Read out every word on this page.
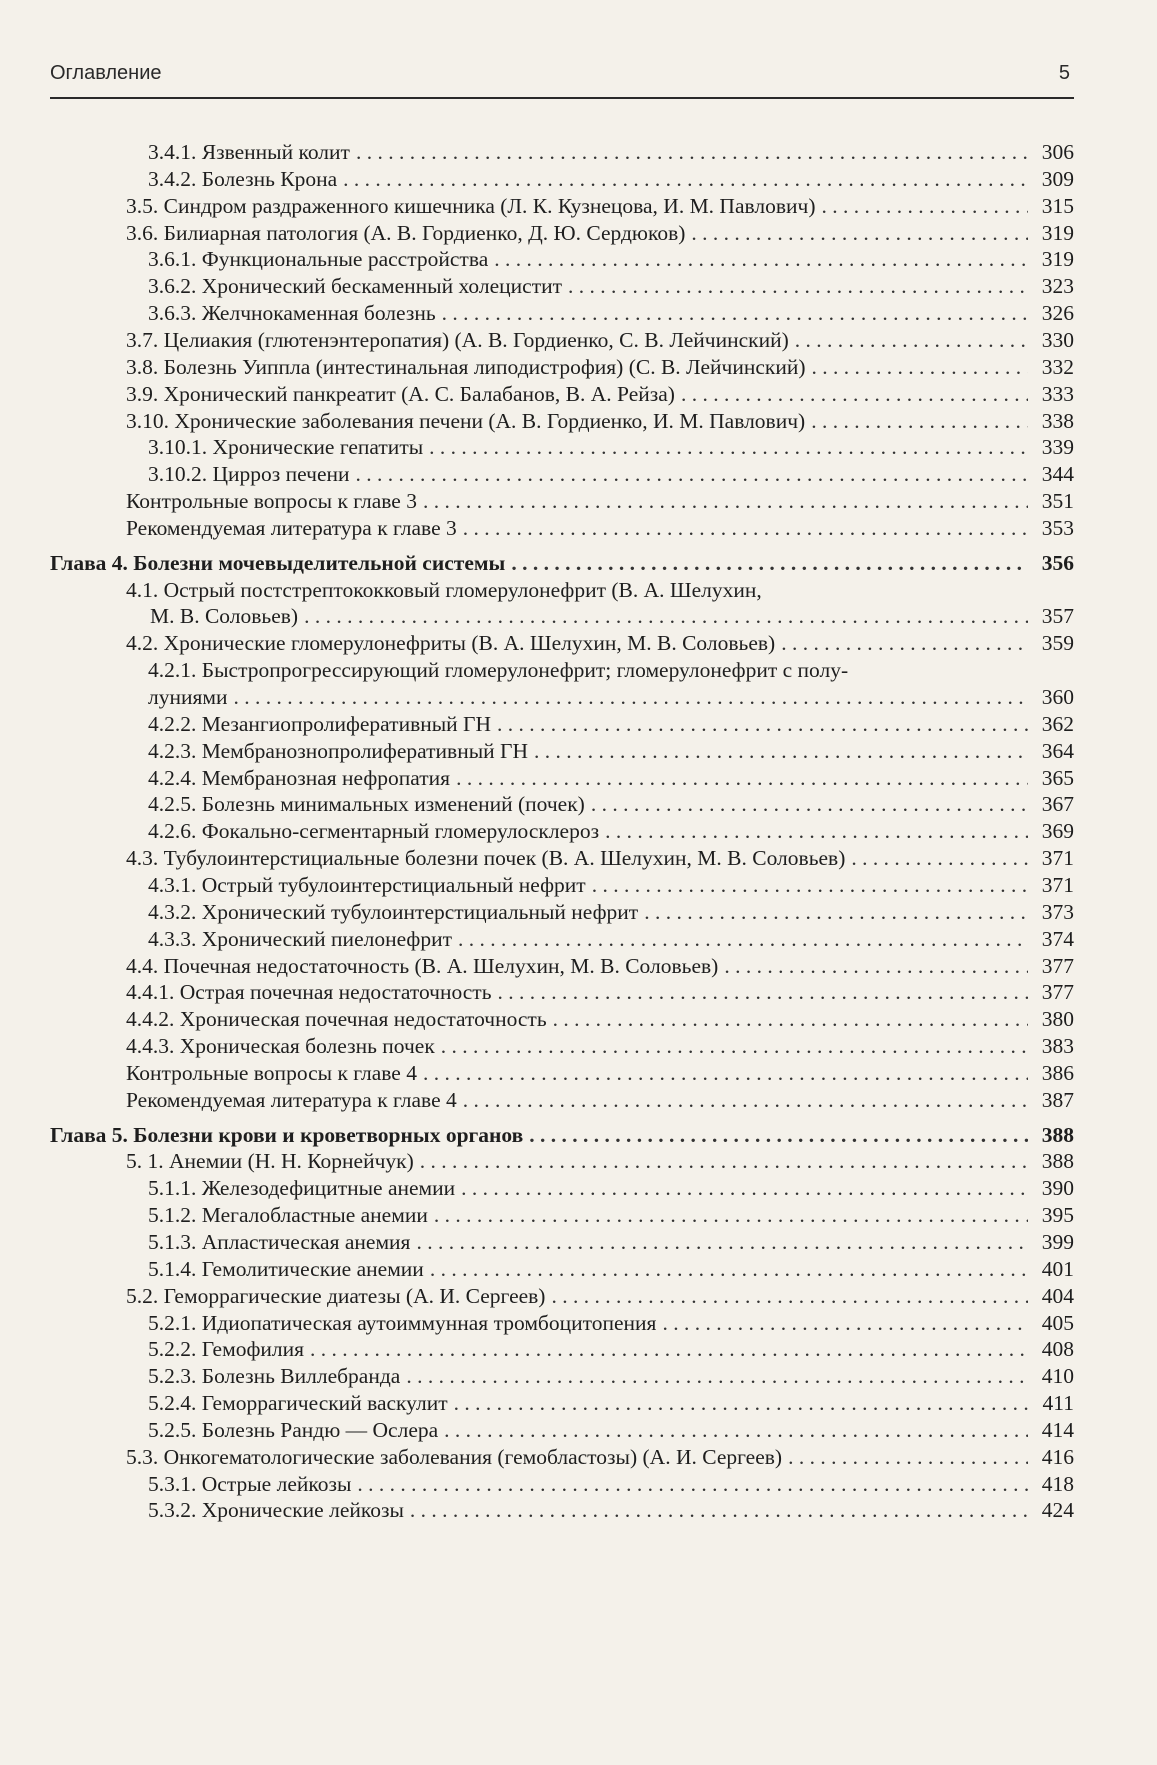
Оглавление	5
3.4.1. Язвенный колит . . .	306
3.4.2. Болезнь Крона . . .	309
3.5. Синдром раздраженного кишечника (Л. К. Кузнецова, И. М. Павлович) . . .	315
3.6. Билиарная патология (А. В. Гордиенко, Д. Ю. Сердюков) . . .	319
3.6.1. Функциональные расстройства . . .	319
3.6.2. Хронический бескаменный холецистит . . .	323
3.6.3. Желчнокаменная болезнь . . .	326
3.7. Целиакия (глютенэнтеропатия) (А. В. Гордиенко, С. В. Лейчинский) . . .	330
3.8. Болезнь Уиппла (интестинальная липодистрофия) (С. В. Лейчинский) . . .	332
3.9. Хронический панкреатит (А. С. Балабанов, В. А. Рейза) . . .	333
3.10. Хронические заболевания печени (А. В. Гордиенко, И. М. Павлович) . . .	338
3.10.1. Хронические гепатиты . . .	339
3.10.2. Цирроз печени . . .	344
Контрольные вопросы к главе 3 . . .	351
Рекомендуемая литература к главе 3 . . .	353
Глава 4. Болезни мочевыделительной системы . . .	356
4.1. Острый постстрептококковый гломерулонефрит (В. А. Шелухин,
М. В. Соловьев) . . .	357
4.2. Хронические гломерулонефриты (В. А. Шелухин, М. В. Соловьев) . . .	359
4.2.1. Быстропрогрессирующий гломерулонефрит; гломерулонефрит с полу-
луниями . . .	360
4.2.2. Мезангиопролиферативный ГН . . .	362
4.2.3. Мембранознопролиферативный ГН . . .	364
4.2.4. Мембранозная нефропатия . . .	365
4.2.5. Болезнь минимальных изменений (почек) . . .	367
4.2.6. Фокально-сегментарный гломерулосклероз . . .	369
4.3. Тубулоинтерстициальные болезни почек (В. А. Шелухин, М. В. Соловьев) . . .	371
4.3.1. Острый тубулоинтерстициальный нефрит . . .	371
4.3.2. Хронический тубулоинтерстициальный нефрит . . .	373
4.3.3. Хронический пиелонефрит . . .	374
4.4. Почечная недостаточность (В. А. Шелухин, М. В. Соловьев) . . .	377
4.4.1. Острая почечная недостаточность . . .	377
4.4.2. Хроническая почечная недостаточность . . .	380
4.4.3. Хроническая болезнь почек . . .	383
Контрольные вопросы к главе 4 . . .	386
Рекомендуемая литература к главе 4 . . .	387
Глава 5. Болезни крови и кроветворных органов . . .	388
5. 1. Анемии (Н. Н. Корнейчук) . . .	388
5.1.1. Железодефицитные анемии . . .	390
5.1.2. Мегалобластные анемии . . .	395
5.1.3. Апластическая анемия . . .	399
5.1.4. Гемолитические анемии . . .	401
5.2. Геморрагические диатезы (А. И. Сергеев) . . .	404
5.2.1. Идиопатическая аутоиммунная тромбоцитопения . . .	405
5.2.2. Гемофилия . . .	408
5.2.3. Болезнь Виллебранда . . .	410
5.2.4. Геморрагический васкулит . . .	411
5.2.5. Болезнь Рандю — Ослера . . .	414
5.3. Онкогематологические заболевания (гемобластозы) (А. И. Сергеев) . . .	416
5.3.1. Острые лейкозы . . .	418
5.3.2. Хронические лейкозы . . .	424
